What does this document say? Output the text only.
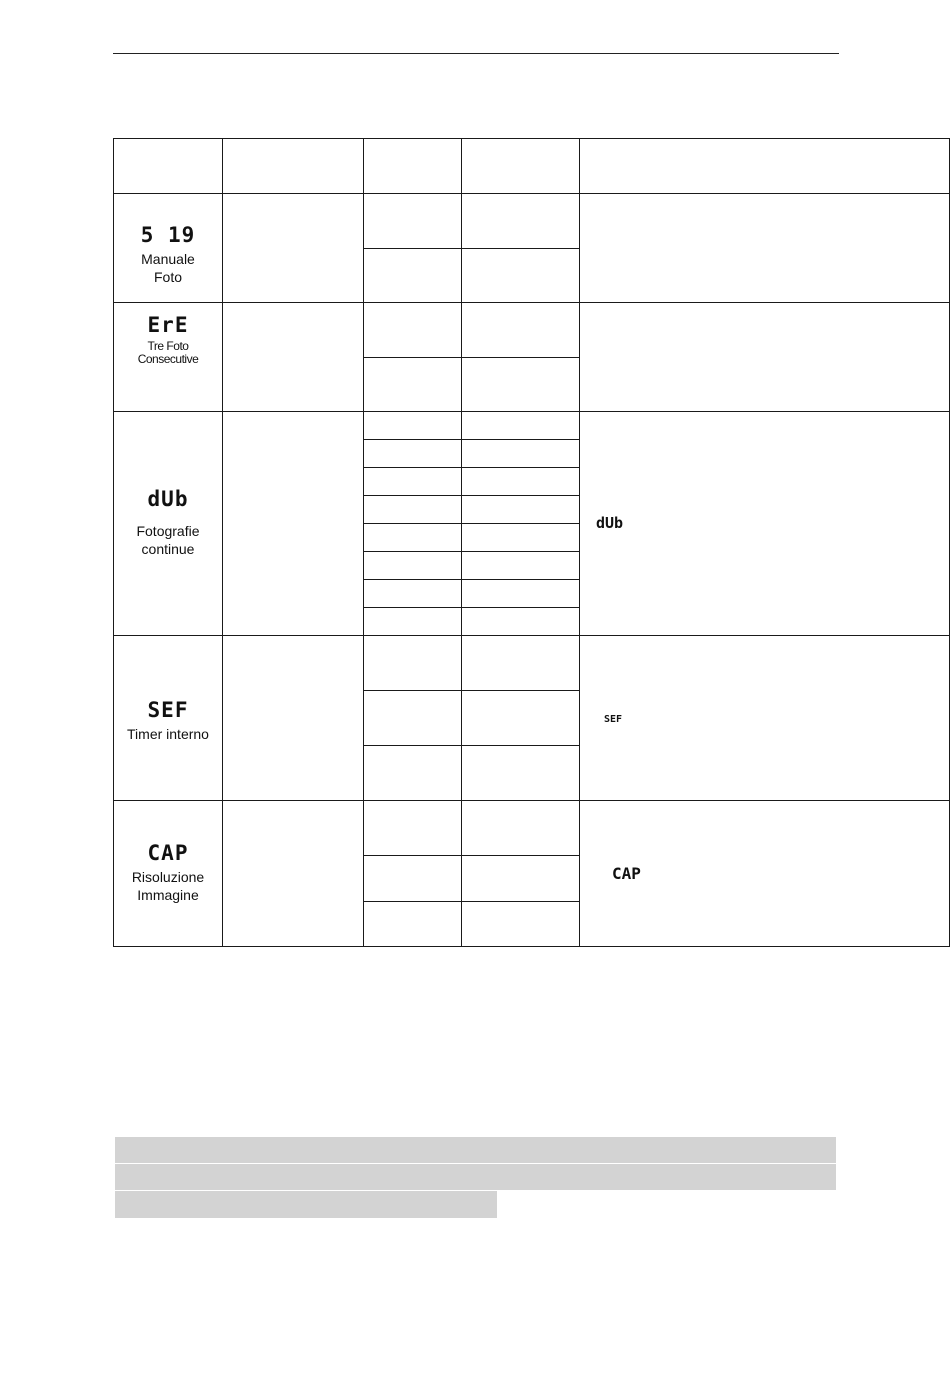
5 19
Manuale
Foto				

ErE
Tre Foto
Consecutive				

dUb
Fotografie
continue				dUb

SEF
Timer interno				SEF

CAP
Risoluzione
Immagine				CAP
